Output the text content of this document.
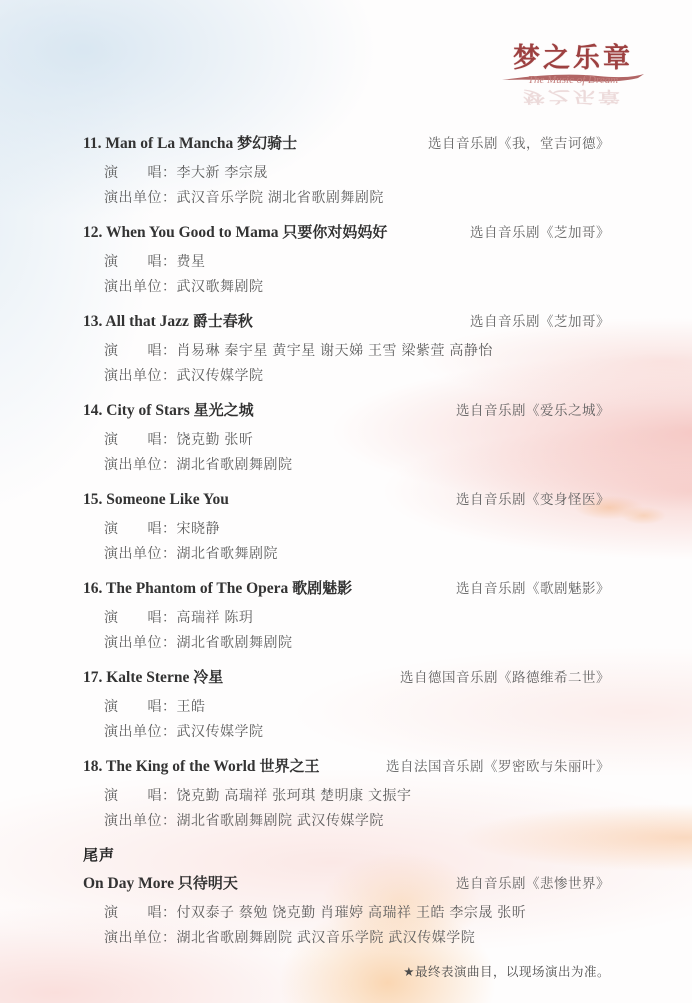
梦之乐章
The Music of Dream
梦之乐章
11. Man of La Mancha 梦幻骑士	选自音乐剧《我，堂吉诃德》
演　　唱：李大新 李宗晟
演出单位：武汉音乐学院 湖北省歌剧舞剧院
12. When You Good to Mama 只要你对妈妈好	选自音乐剧《芝加哥》
演　　唱：费星
演出单位：武汉歌舞剧院
13. All that Jazz 爵士春秋	选自音乐剧《芝加哥》
演　　唱：肖易琳 秦宇星 黄宇星 谢天娣 王雪 梁紫萱 高静怡
演出单位：武汉传媒学院
14. City of Stars 星光之城	选自音乐剧《爱乐之城》
演　　唱：饶克勤 张昕
演出单位：湖北省歌剧舞剧院
15. Someone Like You	选自音乐剧《变身怪医》
演　　唱：宋晓静
演出单位：湖北省歌舞剧院
16. The Phantom of The Opera 歌剧魅影	选自音乐剧《歌剧魅影》
演　　唱：高瑞祥 陈玥
演出单位：湖北省歌剧舞剧院
17. Kalte Sterne 冷星	选自德国音乐剧《路德维希二世》
演　　唱：王皓
演出单位：武汉传媒学院
18. The King of the World 世界之王	选自法国音乐剧《罗密欧与朱丽叶》
演　　唱：饶克勤 高瑞祥 张珂琪 楚明康 文振宇
演出单位：湖北省歌剧舞剧院 武汉传媒学院
尾声
On Day More 只待明天	选自音乐剧《悲惨世界》
演　　唱：付双泰子 蔡勉 饶克勤 肖璀婷 高瑞祥 王皓 李宗晟 张昕
演出单位：湖北省歌剧舞剧院 武汉音乐学院 武汉传媒学院
★最终表演曲目，以现场演出为准。
